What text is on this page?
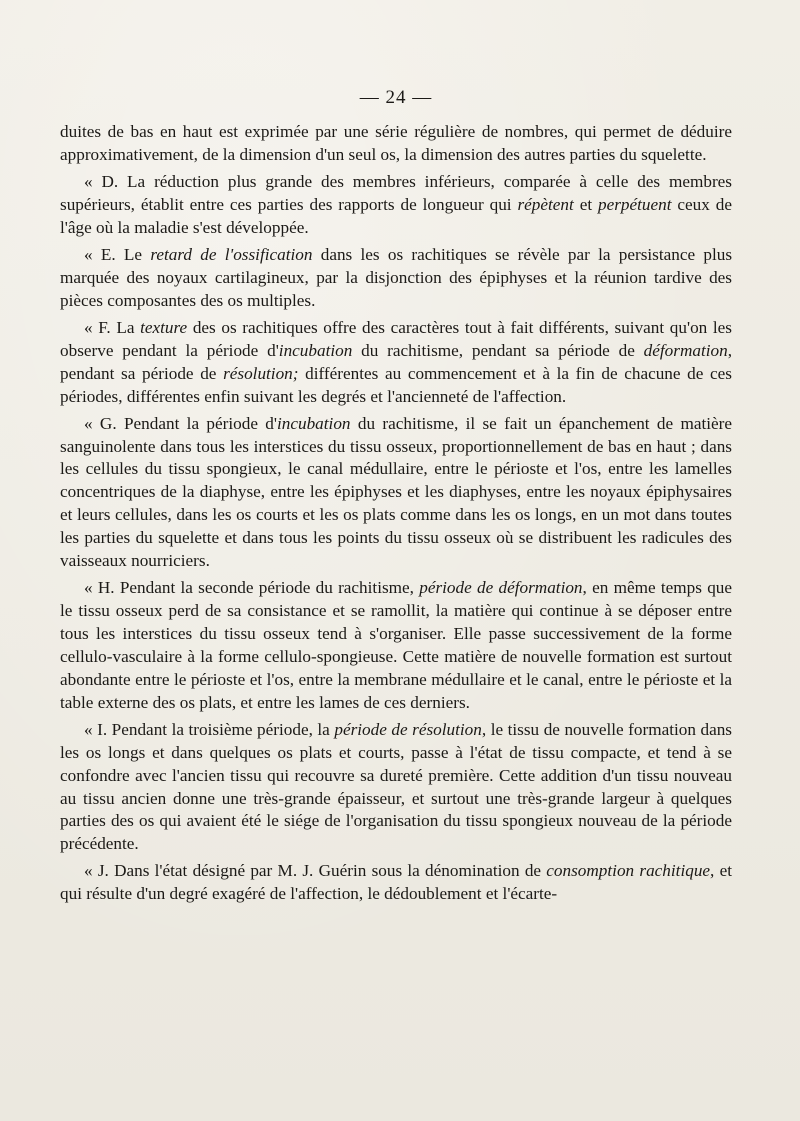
— 24 —

duites de bas en haut est exprimée par une série régulière de nombres, qui permet de déduire approximativement, de la dimension d'un seul os, la dimension des autres parties du squelette.

« D. La réduction plus grande des membres inférieurs, comparée à celle des membres supérieurs, établit entre ces parties des rapports de longueur qui répètent et perpétuent ceux de l'âge où la maladie s'est développée.

« E. Le retard de l'ossification dans les os rachitiques se révèle par la persistance plus marquée des noyaux cartilagineux, par la disjonction des épiphyses et la réunion tardive des pièces composantes des os multiples.

« F. La texture des os rachitiques offre des caractères tout à fait différents, suivant qu'on les observe pendant la période d'incubation du rachitisme, pendant sa période de déformation, pendant sa période de résolution; différentes au commencement et à la fin de chacune de ces périodes, différentes enfin suivant les degrés et l'ancienneté de l'affection.

« G. Pendant la période d'incubation du rachitisme, il se fait un épanchement de matière sanguinolente dans tous les interstices du tissu osseux, proportionnellement de bas en haut ; dans les cellules du tissu spongieux, le canal médullaire, entre le périoste et l'os, entre les lamelles concentriques de la diaphyse, entre les épiphyses et les diaphyses, entre les noyaux épiphysaires et leurs cellules, dans les os courts et les os plats comme dans les os longs, en un mot dans toutes les parties du squelette et dans tous les points du tissu osseux où se distribuent les radicules des vaisseaux nourriciers.

« H. Pendant la seconde période du rachitisme, période de déformation, en même temps que le tissu osseux perd de sa consistance et se ramollit, la matière qui continue à se déposer entre tous les interstices du tissu osseux tend à s'organiser. Elle passe successivement de la forme cellulo-vasculaire à la forme cellulo-spongieuse. Cette matière de nouvelle formation est surtout abondante entre le périoste et l'os, entre la membrane médullaire et le canal, entre le périoste et la table externe des os plats, et entre les lames de ces derniers.

« I. Pendant la troisième période, la période de résolution, le tissu de nouvelle formation dans les os longs et dans quelques os plats et courts, passe à l'état de tissu compacte, et tend à se confondre avec l'ancien tissu qui recouvre sa dureté première. Cette addition d'un tissu nouveau au tissu ancien donne une très-grande épaisseur, et surtout une très-grande largeur à quelques parties des os qui avaient été le siége de l'organisation du tissu spongieux nouveau de la période précédente.

« J. Dans l'état désigné par M. J. Guérin sous la dénomination de consomption rachitique, et qui résulte d'un degré exagéré de l'affection, le dédoublement et l'écarte-
